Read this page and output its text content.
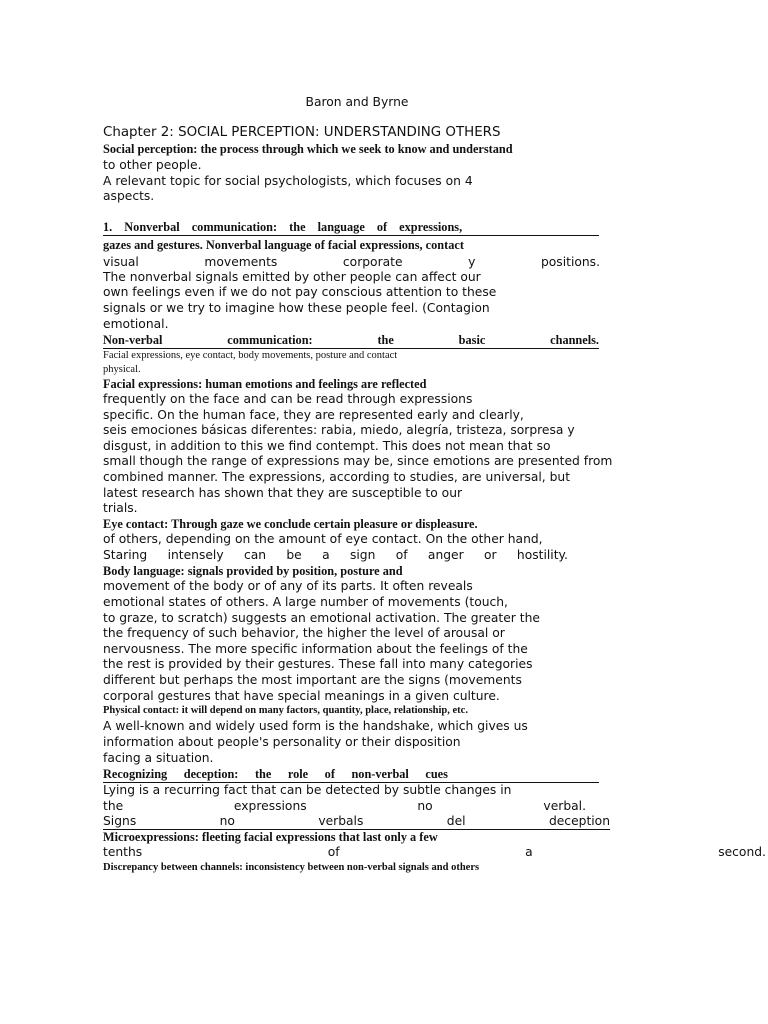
Baron and Byrne
Chapter 2: SOCIAL PERCEPTION: UNDERSTANDING OTHERS
Social perception: the process through which we seek to know and understand
to other people.
A relevant topic for social psychologists, which focuses on 4
aspects.
1. Nonverbal communication: the language of expressions,
gazes and gestures. Nonverbal language of facial expressions, contact
visual	movements	corporate	y	positions.
The nonverbal signals emitted by other people can affect our
own feelings even if we do not pay conscious attention to these
signals or we try to imagine how these people feel. (Contagion
emotional.
Non-verbal	communication:	the	basic	channels.
Facial expressions, eye contact, body movements, posture and contact
physical.
Facial expressions: human emotions and feelings are reflected
frequently on the face and can be read through expressions
specific. On the human face, they are represented early and clearly,
seis emociones básicas diferentes: rabia, miedo, alegría, tristeza, sorpresa y
disgust, in addition to this we find contempt. This does not mean that so
small though the range of expressions may be, since emotions are presented from
combined manner. The expressions, according to studies, are universal, but
latest research has shown that they are susceptible to our
trials.
Eye contact: Through gaze we conclude certain pleasure or displeasure.
of others, depending on the amount of eye contact. On the other hand,
Staring intensely can be a sign of anger or hostility.
Body language: signals provided by position, posture and
movement of the body or of any of its parts. It often reveals
emotional states of others. A large number of movements (touch,
to graze, to scratch) suggests an emotional activation. The greater the
the frequency of such behavior, the higher the level of arousal or
nervousness. The more specific information about the feelings of the
the rest is provided by their gestures. These fall into many categories
different but perhaps the most important are the signs (movements
corporal gestures that have special meanings in a given culture.
Physical contact: it will depend on many factors, quantity, place, relationship, etc.
A well-known and widely used form is the handshake, which gives us
information about people's personality or their disposition
facing a situation.
Recognizing deception: the role of non-verbal cues
Lying is a recurring fact that can be detected by subtle changes in
the	expressions	no	verbal.
Signs	no	verbals	del	deception
Microexpressions: fleeting facial expressions that last only a few
tenths	of	a	second.
Discrepancy between channels: inconsistency between non-verbal signals and others
